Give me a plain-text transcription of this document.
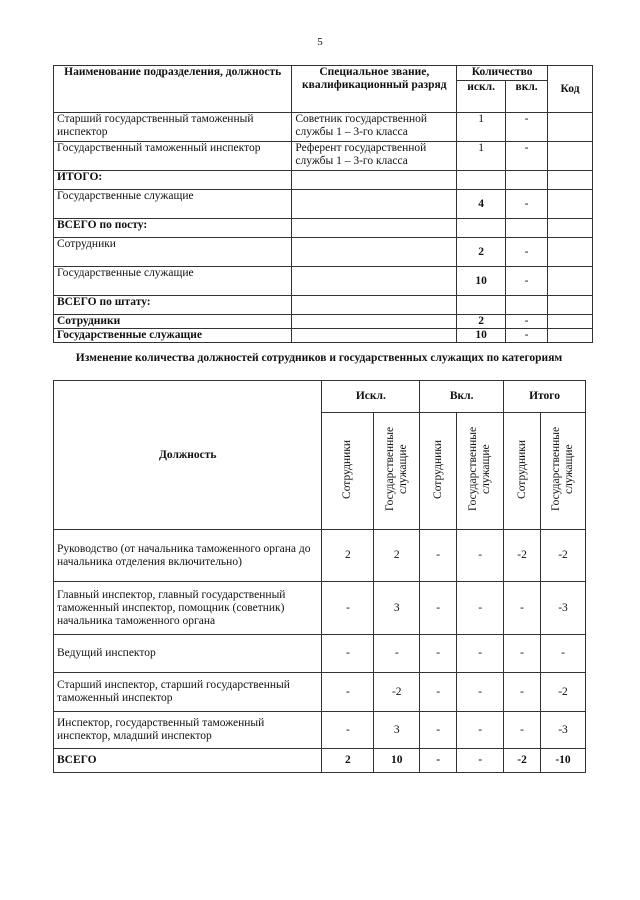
5
Наименование подразделения, должность	Специальное звание, квалификационный разряд	Количество		Код
		искл.	вкл.	
Старший государственный таможенный инспектор	Советник государственной службы 1 – 3-го класса	1	-	
Государственный таможенный инспектор	Референт государственной службы 1 – 3-го класса	1	-	
ИТОГО:				
Государственные служащие		4	-	
ВСЕГО по посту:				
Сотрудники		2	-	
Государственные служащие		10	-	
ВСЕГО по штату:				
Сотрудники		2	-	
Государственные служащие		10	-	
Изменение количества должностей сотрудников и государственных служащих по категориям
Должность	Искл.		Вкл.		Итого	
	Сотрудники	Государственные служащие	Сотрудники	Государственные служащие	Сотрудники	Государственные служащие
Руководство (от начальника таможенного органа до начальника отделения включительно)	2	2	-	-	-2	-2
Главный инспектор, главный государственный таможенный инспектор, помощник (советник) начальника таможенного органа	-	3	-	-	-	-3
Ведущий инспектор	-	-	-	-	-	-
Старший инспектор, старший государственный таможенный инспектор	-	-2	-	-	-	-2
Инспектор, государственный таможенный инспектор, младший инспектор	-	3	-	-	-	-3
ВСЕГО	2	10	-	-	-2	-10
